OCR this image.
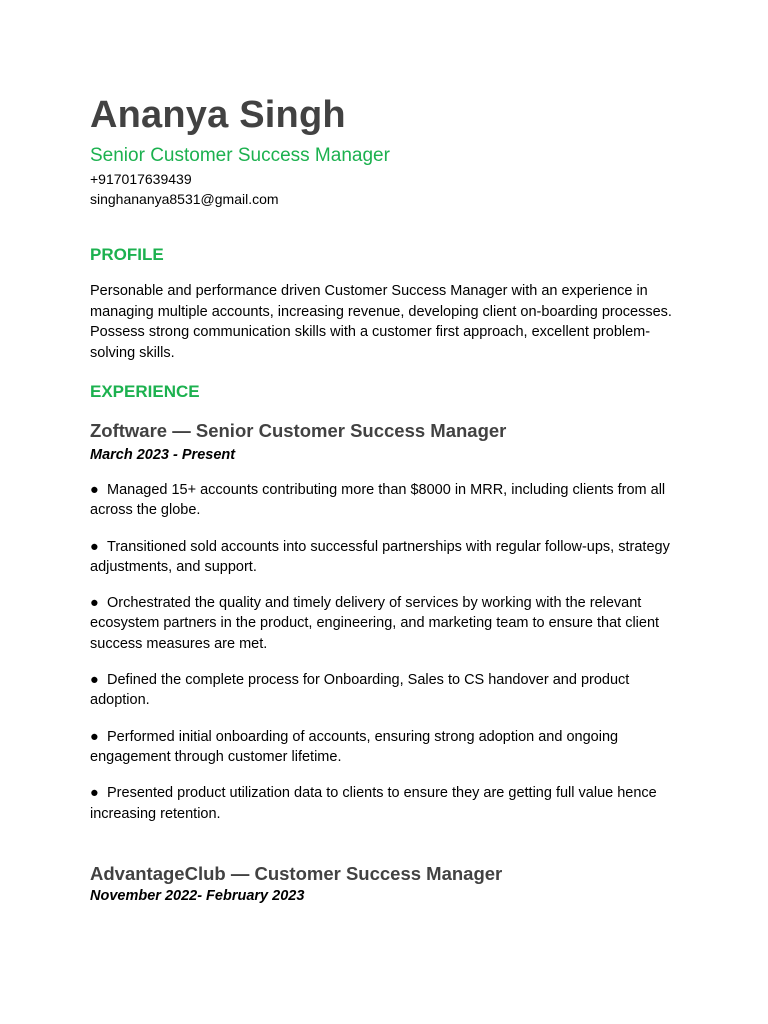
Ananya Singh
Senior Customer Success Manager
+917017639439
singhananya8531@gmail.com
PROFILE
Personable and performance driven Customer Success Manager with an experience in managing multiple accounts, increasing revenue, developing client on-boarding processes. Possess strong communication skills with a customer first approach, excellent problem-solving skills.
EXPERIENCE
Zoftware — Senior Customer Success Manager
March 2023 - Present
● Managed 15+ accounts contributing more than $8000 in MRR, including clients from all across the globe.
● Transitioned sold accounts into successful partnerships with regular follow-ups, strategy adjustments, and support.
● Orchestrated the quality and timely delivery of services by working with the relevant ecosystem partners in the product, engineering, and marketing team to ensure that client success measures are met.
● Defined the complete process for Onboarding, Sales to CS handover and product adoption.
● Performed initial onboarding of accounts, ensuring strong adoption and ongoing engagement through customer lifetime.
● Presented product utilization data to clients to ensure they are getting full value hence increasing retention.
AdvantageClub — Customer Success Manager
November 2022- February 2023
